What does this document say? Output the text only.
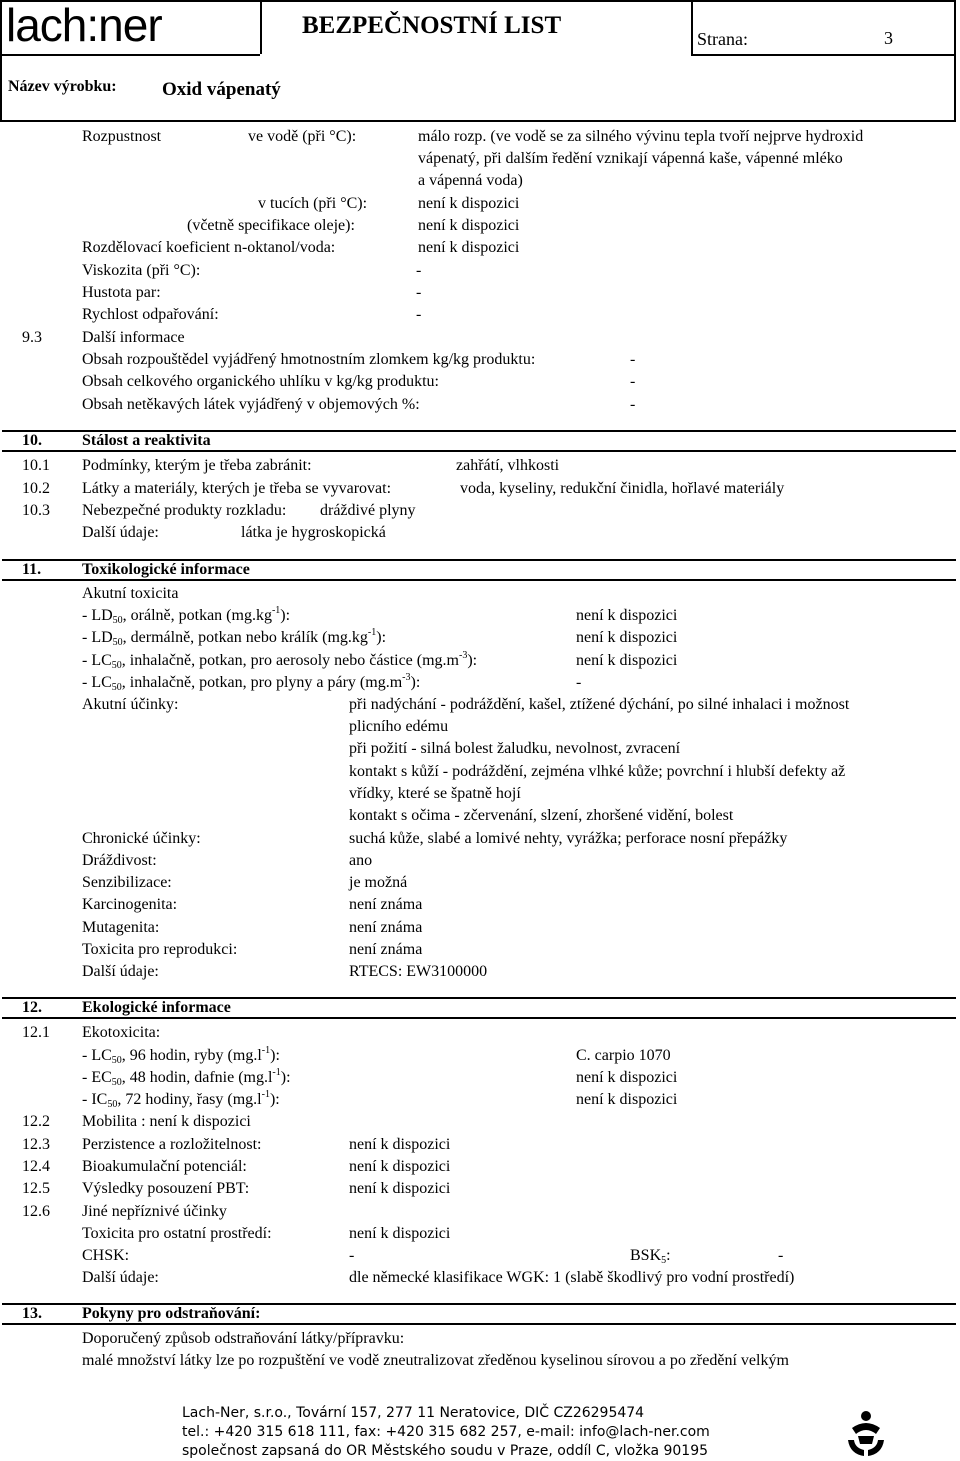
lach:ner	BEZPEČNOSTNÍ LIST	Strana:	3
Název výrobku: Oxid vápenatý
Rozpustnost	ve vodě (při °C):	málo rozp. (ve vodě se za silného vývinu tepla tvoří nejprve hydroxid
vápenatý, při dalším ředění vznikají vápenná kaše, vápenné mléko
a vápenná voda)
v tucích (při °C):	není k dispozici
(včetně specifikace oleje):	není k dispozici
Rozdělovací koeficient n-oktanol/voda:	není k dispozici
Viskozita (při °C):	-
Hustota par:	-
Rychlost odpařování:	-
9.3	Další informace
Obsah rozpouštědel vyjádřený hmotnostním zlomkem kg/kg produktu:	-
Obsah celkového organického uhlíku v kg/kg produktu:	-
Obsah netěkavých látek vyjádřený v objemových %:	-
10.	Stálost a reaktivita
10.1 Podmínky, kterým je třeba zabránit:	zahřátí, vlhkosti
10.2 Látky a materiály, kterých je třeba se vyvarovat:	voda, kyseliny, redukční činidla, hořlavé materiály
10.3 Nebezpečné produkty rozkladu: dráždivé plyny
Další údaje:	látka je hygroskopická
11.	Toxikologické informace
Akutní toxicita
- $LD_{50}$, orálně, potkan $(mg.kg^{-1})$:	není k dispozici
- $LD_{50}$, dermálně, potkan nebo králík $(mg.kg^{-1})$:	není k dispozici
- $LC_{50}$, inhalačně, potkan, pro aerosoly nebo částice $(mg.m^{-3})$:	není k dispozici
- $LC_{50}$, inhalačně, potkan, pro plyny a páry $(mg.m^{-3})$:	-
Akutní účinky:	při nadýchání - podráždění, kašel, ztížené dýchání, po silné inhalaci i možnost
plicního edému
při požití - silná bolest žaludku, nevolnost, zvracení
kontakt s kůží - podráždění, zejména vlhké kůže; povrchní i hlubší defekty až
vřídky, které se špatně hojí
kontakt s očima - zčervenání, slzení, zhoršené vidění, bolest
Chronické účinky:	suchá kůže, slabé a lomivé nehty, vyrážka; perforace nosní přepážky
Dráždivost:	ano
Senzibilizace:	je možná
Karcinogenita:	není známa
Mutagenita:	není známa
Toxicita pro reprodukci:	není známa
Další údaje:	RTECS: EW3100000
12.	Ekologické informace
12.1 Ekotoxicita:
- $LC_{50}$, 96 hodin, ryby $(mg.l^{-1})$:	C. carpio 1070
- $EC_{50}$, 48 hodin, dafnie $(mg.l^{-1})$:	není k dispozici
- $IC_{50}$, 72 hodiny, řasy $(mg.l^{-1})$:	není k dispozici
12.2 Mobilita : není k dispozici
12.3 Perzistence a rozložitelnost:	není k dispozici
12.4 Bioakumulační potenciál:	není k dispozici
12.5 Výsledky posouzení PBT:	není k dispozici
12.6 Jiné nepříznivé účinky
Toxicita pro ostatní prostředí:	není k dispozici
CHSK:	-	$BSK_5$:	-
Další údaje:	dle německé klasifikace WGK: 1 (slabě škodlivý pro vodní prostředí)
13.	Pokyny pro odstraňování:
Doporučený způsob odstraňování látky/přípravku:
malé množství látky lze po rozpuštění ve vodě zneutralizovat zředěnou kyselinou sírovou a po zředění velkým
Lach-Ner, s.r.o., Tovární 157, 277 11 Neratovice, DIČ CZ26295474
tel.: +420 315 618 111, fax: +420 315 682 257, e-mail: info@lach-ner.com
společnost zapsaná do OR Městského soudu v Praze, oddíl C, vložka 90195
